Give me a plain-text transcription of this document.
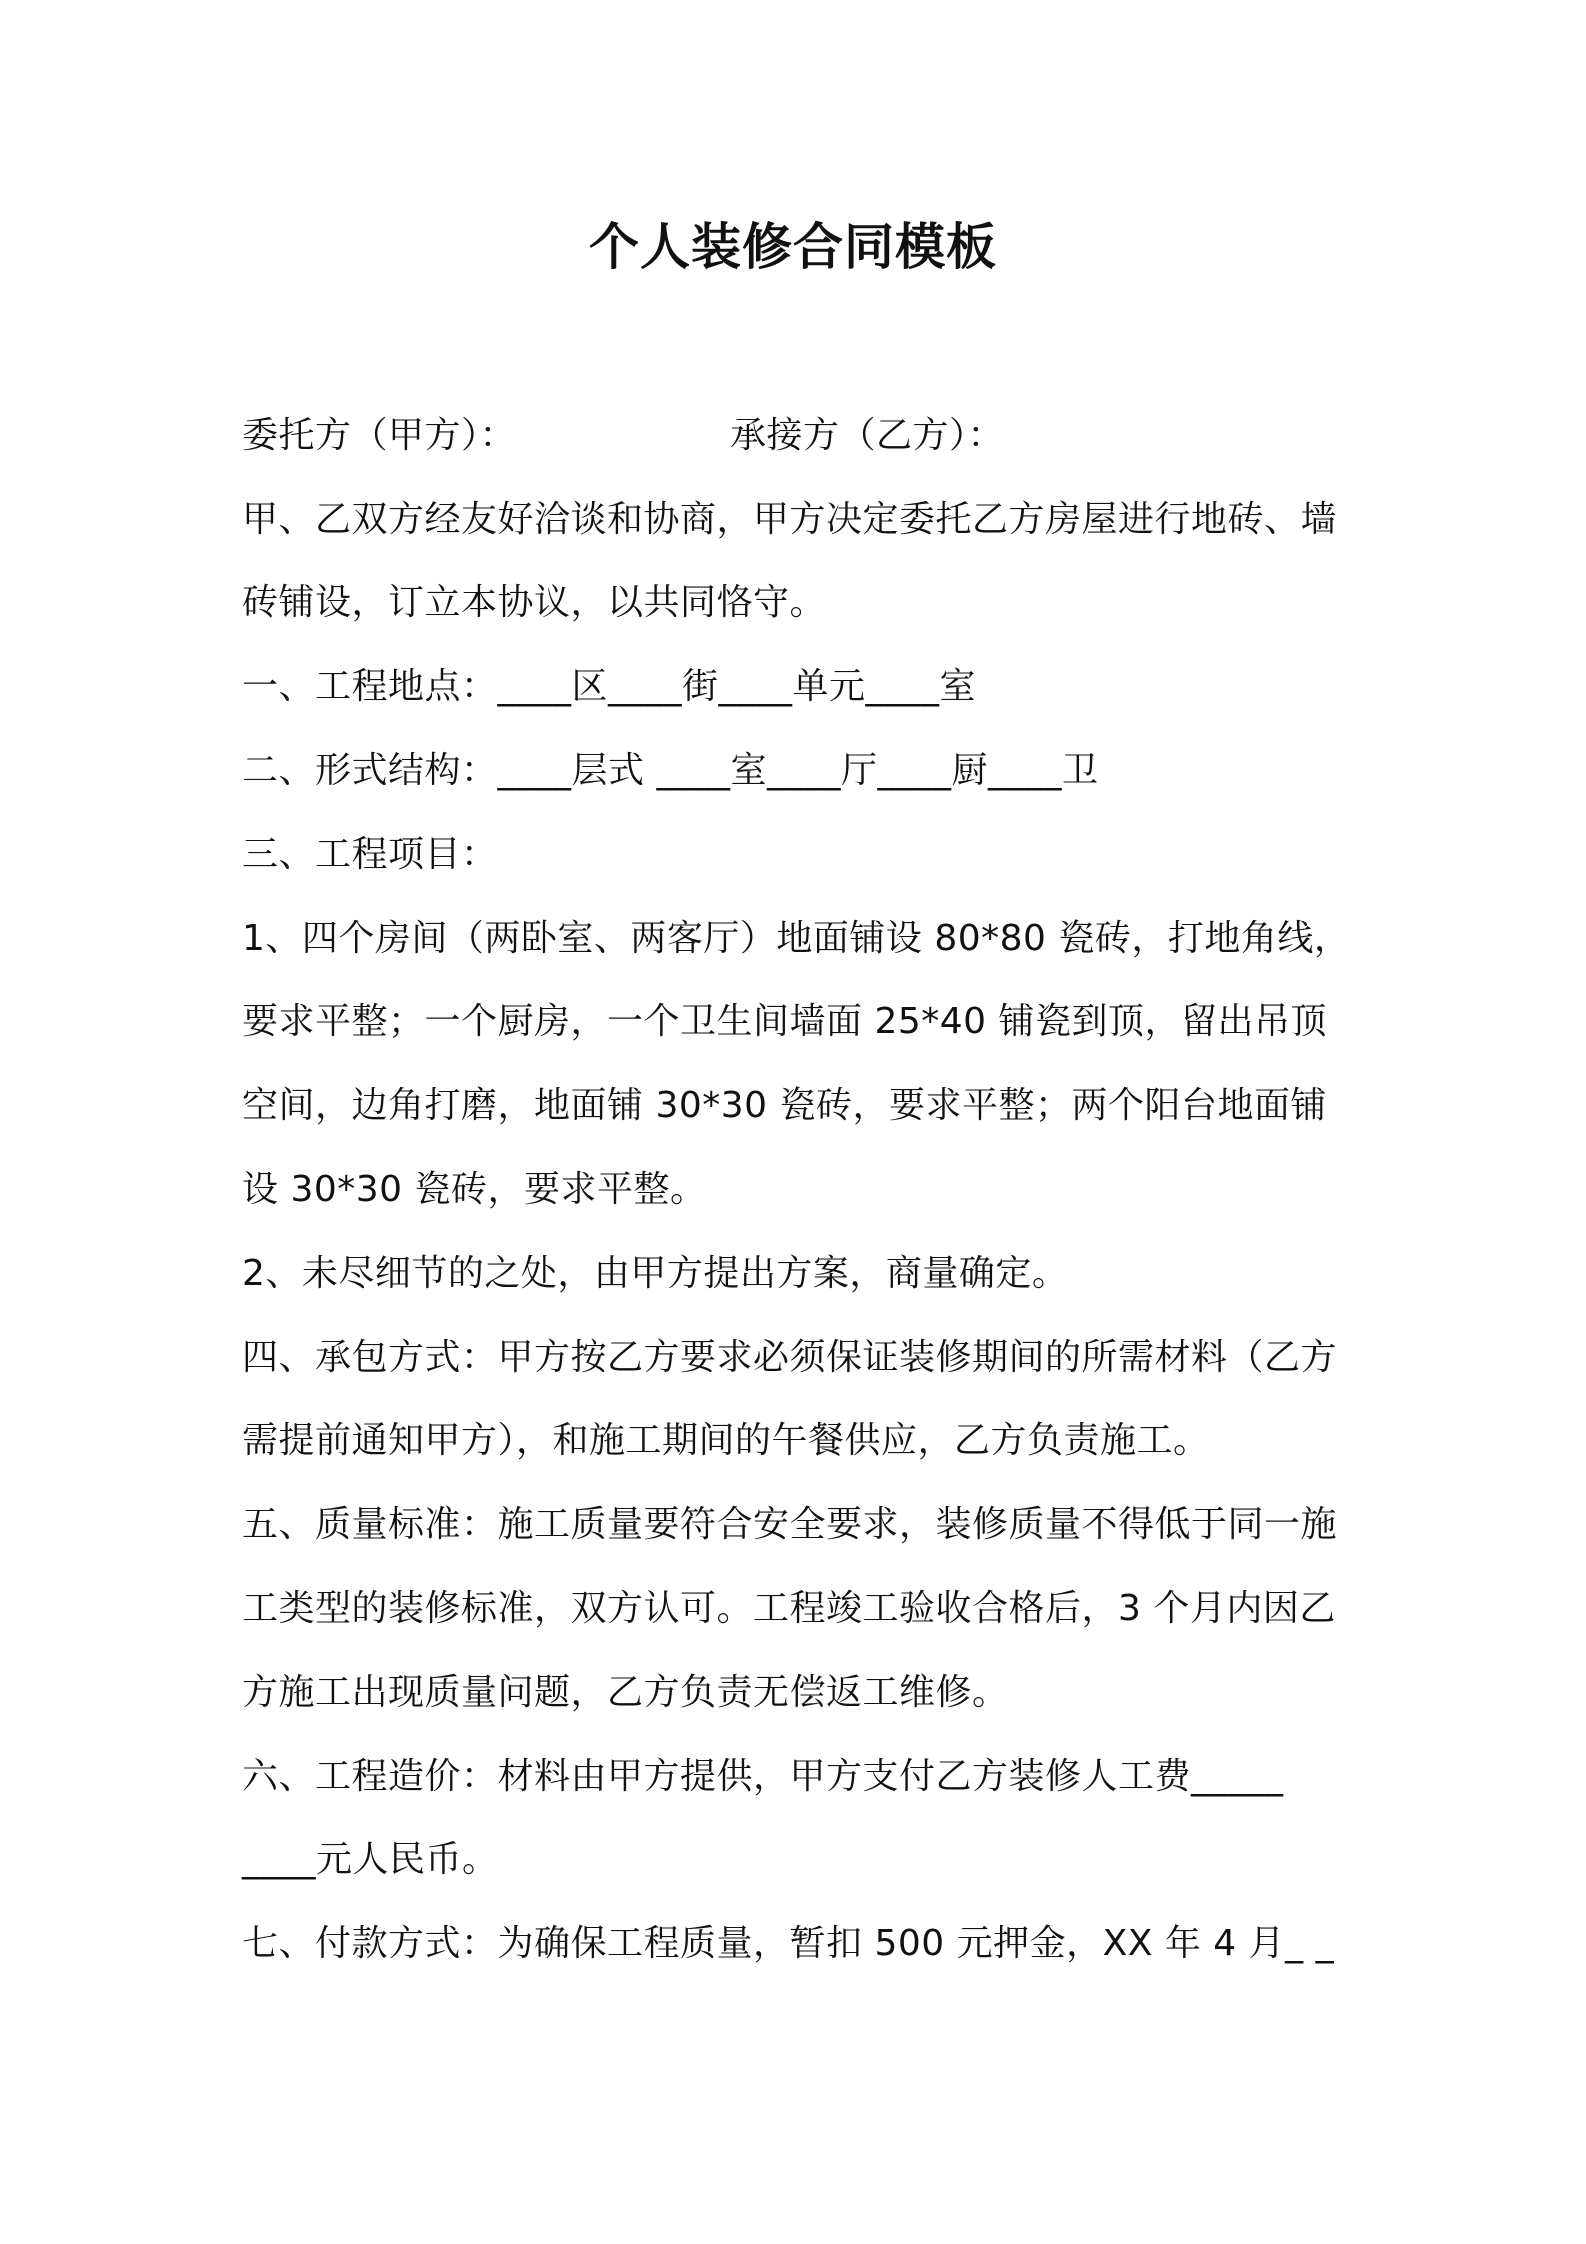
个人装修合同模板
委托方（甲方）：	承接方（乙方）：
甲、乙双方经友好洽谈和协商，甲方决定委托乙方房屋进行地砖、墙
砖铺设，订立本协议，以共同恪守。
一、工程地点：____区____街____单元____室
二、形式结构：____层式 ____室____厅____厨____卫
三、工程项目：
1、四个房间（两卧室、两客厅）地面铺设 80*80 瓷砖，打地角线，
要求平整；一个厨房，一个卫生间墙面 25*40 铺瓷到顶，留出吊顶
空间，边角打磨，地面铺 30*30 瓷砖，要求平整；两个阳台地面铺
设 30*30 瓷砖，要求平整。
2、未尽细节的之处，由甲方提出方案，商量确定。
四、承包方式：甲方按乙方要求必须保证装修期间的所需材料（乙方
需提前通知甲方），和施工期间的午餐供应，乙方负责施工。
五、质量标准：施工质量要符合安全要求，装修质量不得低于同一施
工类型的装修标准，双方认可。工程竣工验收合格后，3 个月内因乙
方施工出现质量问题，乙方负责无偿返工维修。
六、工程造价：材料由甲方提供，甲方支付乙方装修人工费_____
____元人民币。
七、付款方式：为确保工程质量，暂扣 500 元押金，XX 年 4 月_ _
